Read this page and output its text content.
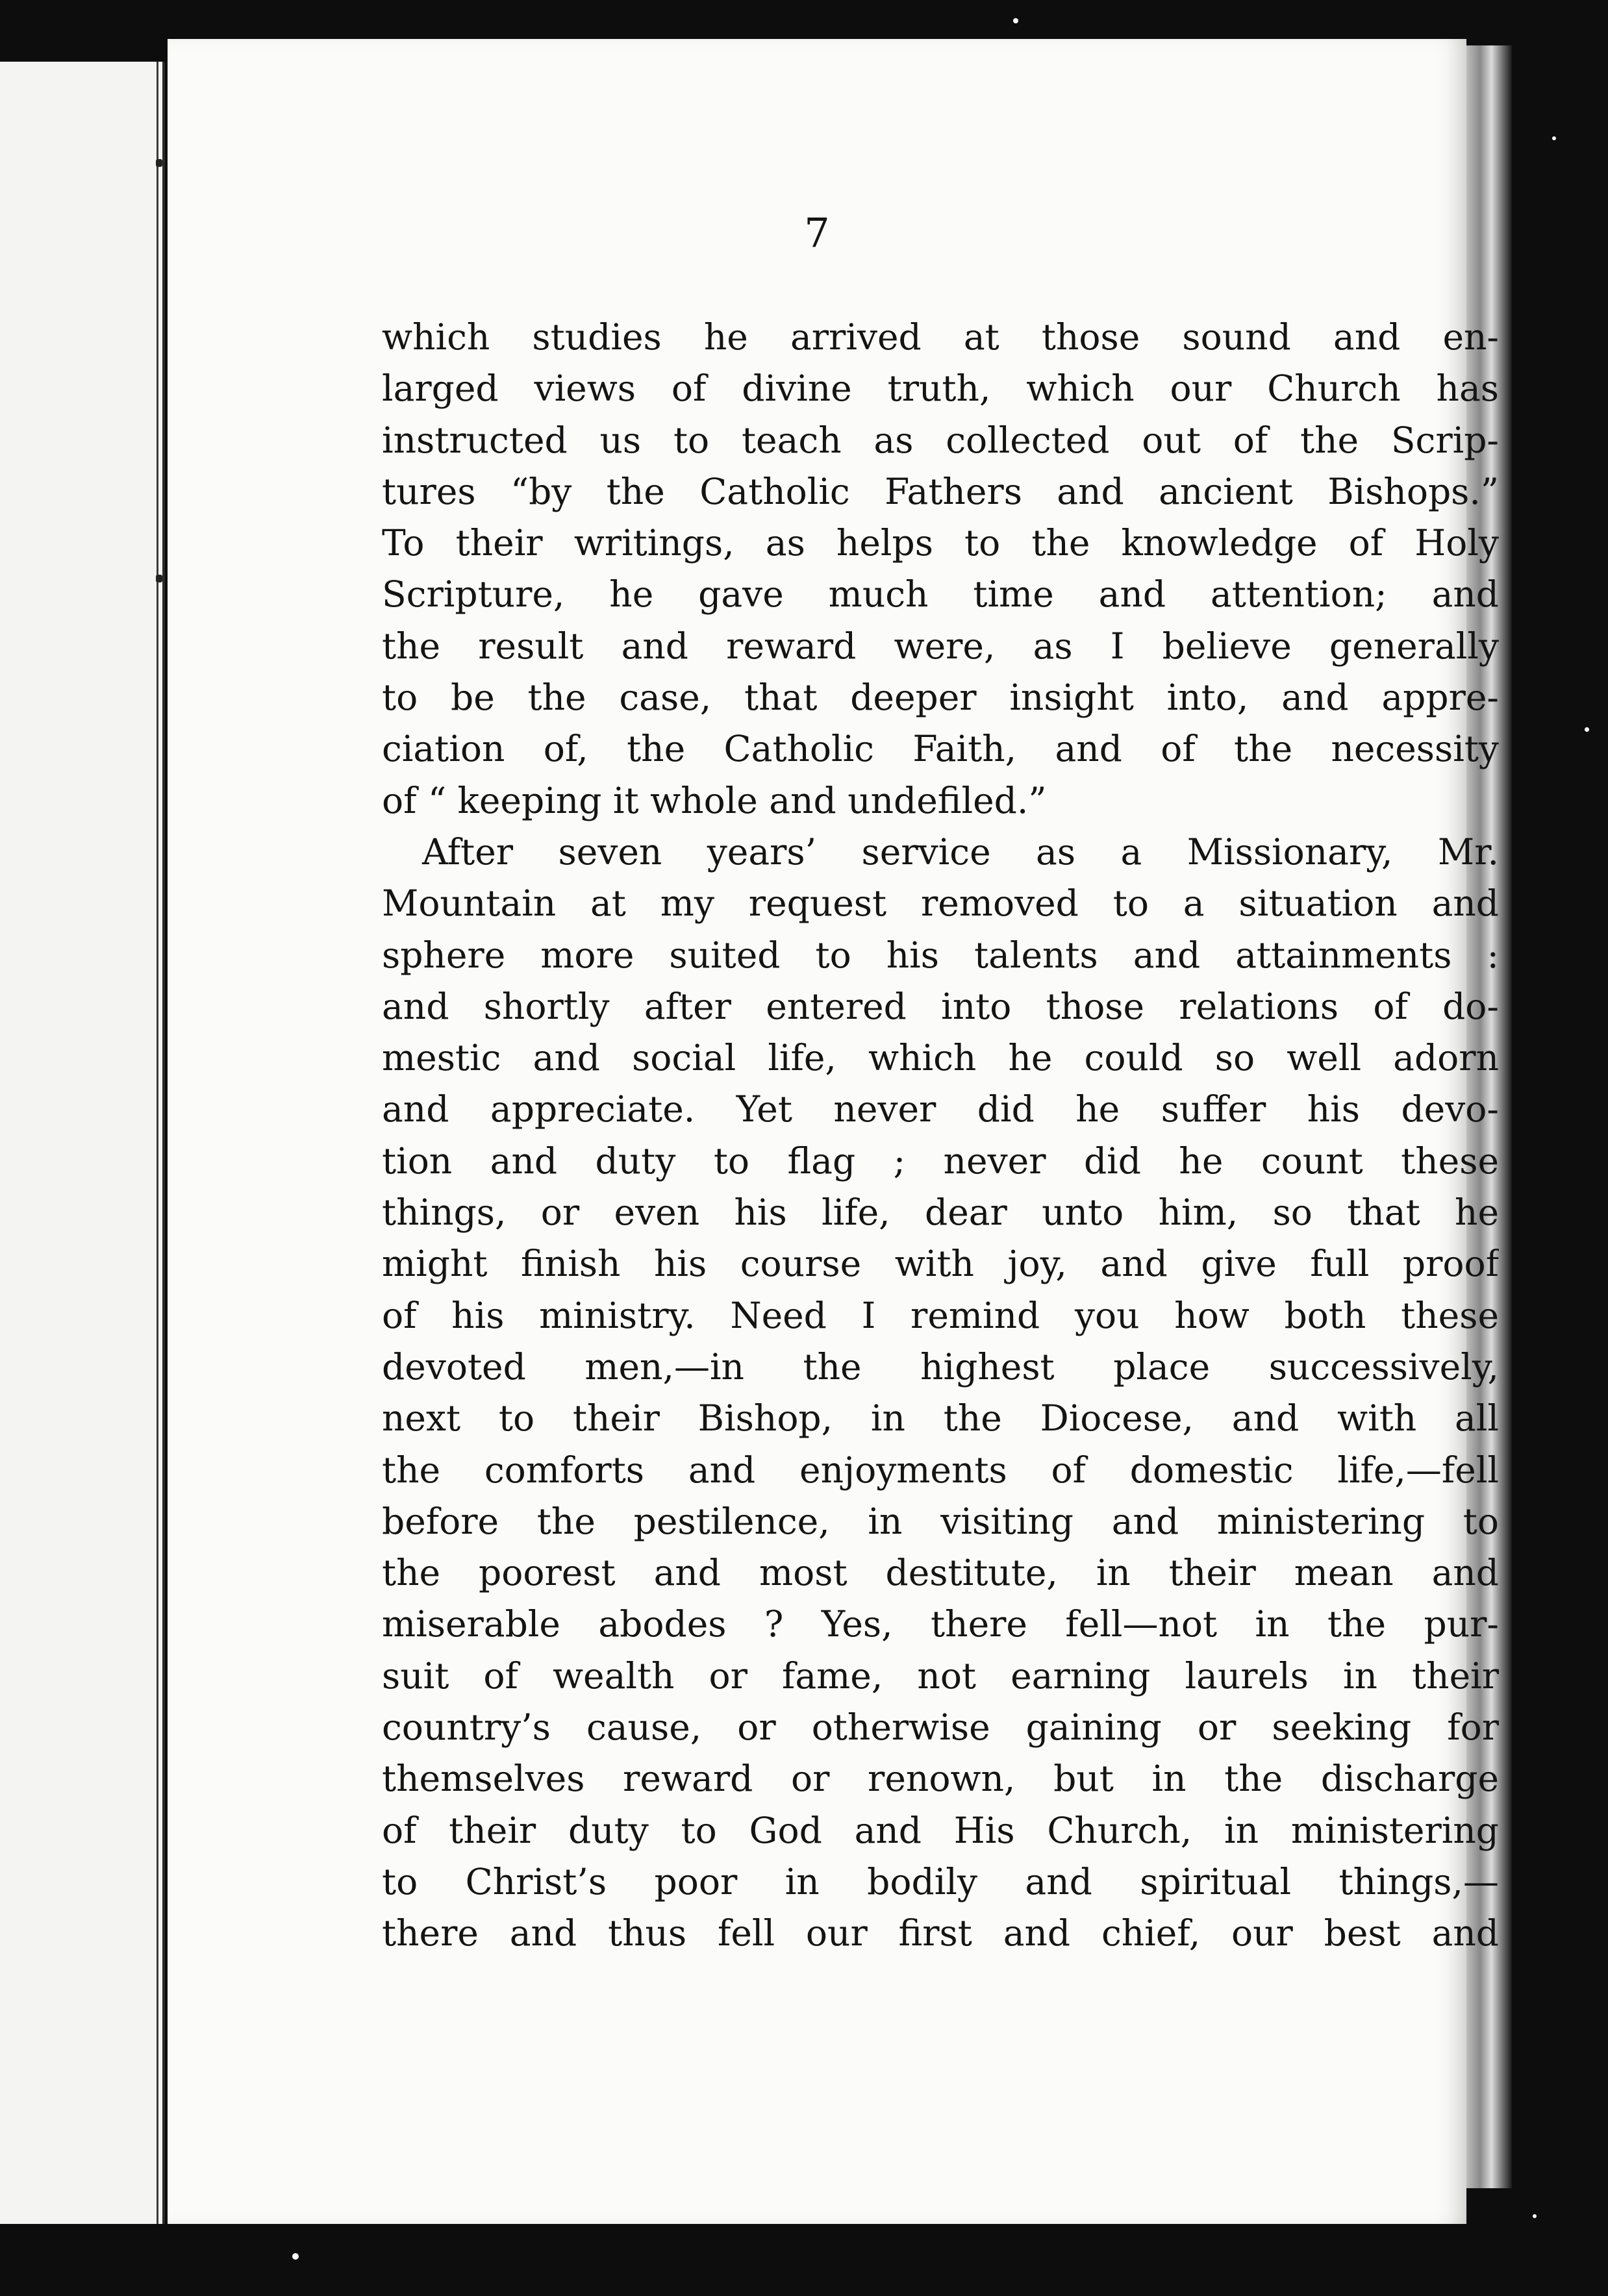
7
which studies he arrived at those sound and en-
larged views of divine truth, which our Church has
instructed us to teach as collected out of the Scrip-
tures “by the Catholic Fathers and ancient Bishops.”
To their writings, as helps to the knowledge of Holy
Scripture, he gave much time and attention; and
the result and reward were, as I believe generally
to be the case, that deeper insight into, and appre-
ciation of, the Catholic Faith, and of the necessity
of “ keeping it whole and undefiled.”
After seven years’ service as a Missionary, Mr.
Mountain at my request removed to a situation and
sphere more suited to his talents and attainments :
and shortly after entered into those relations of do-
mestic and social life, which he could so well adorn
and appreciate. Yet never did he suffer his devo-
tion and duty to flag ; never did he count these
things, or even his life, dear unto him, so that he
might finish his course with joy, and give full proof
of his ministry. Need I remind you how both these
devoted men,—in the highest place successively,
next to their Bishop, in the Diocese, and with all
the comforts and enjoyments of domestic life,—fell
before the pestilence, in visiting and ministering to
the poorest and most destitute, in their mean and
miserable abodes ? Yes, there fell—not in the pur-
suit of wealth or fame, not earning laurels in their
country’s cause, or otherwise gaining or seeking for
themselves reward or renown, but in the discharge
of their duty to God and His Church, in ministering
to Christ’s poor in bodily and spiritual things,—
there and thus fell our first and chief, our best and
